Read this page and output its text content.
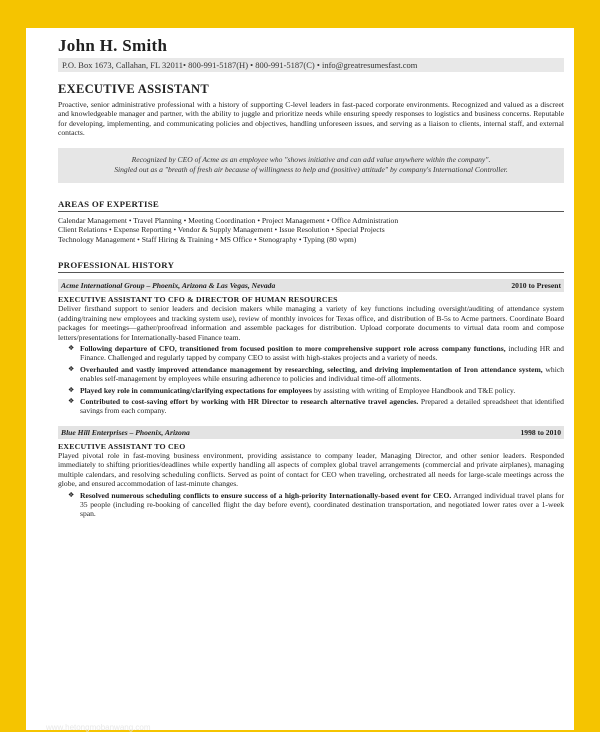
John H. Smith
P.O. Box 1673, Callahan, FL 32011• 800-991-5187(H) • 800-991-5187(C) • info@greatresumesfast.com
EXECUTIVE ASSISTANT

Proactive, senior administrative professional with a history of supporting C-level leaders in fast-paced corporate environments. Recognized and valued as a discreet and knowledgeable manager and partner, with the ability to juggle and prioritize needs while ensuring speedy responses to logistics and business concerns. Reputable for developing, implementing, and communicating policies and objectives, handling unforeseen issues, and serving as a liaison to clients, internal staff, and external contacts.

Recognized by CEO of Acme as an employee who "shows initiative and can add value anywhere within the company".
Singled out as a "breath of fresh air because of willingness to help and (positive) attitude" by company's International Controller.
AREAS OF EXPERTISE
Calendar Management • Travel Planning • Meeting Coordination • Project Management • Office Administration
Client Relations • Expense Reporting • Vendor & Supply Management • Issue Resolution • Special Projects
Technology Management • Staff Hiring & Training • MS Office • Stenography • Typing (80 wpm)
PROFESSIONAL HISTORY
Acme International Group – Phoenix, Arizona & Las Vegas, Nevada	2010 to Present
EXECUTIVE ASSISTANT TO CFO & DIRECTOR OF HUMAN RESOURCES

Deliver firsthand support to senior leaders and decision makers while managing a variety of key functions including oversight/auditing of attendance system (adding/training new employees and tracking system use), review of monthly invoices for Texas office, and distribution of B-5s to Acme partners. Coordinate Board packages for meetings—gather/proofread information and assemble packages for distribution. Upload corporate documents to virtual data room and compose letters/presentations for Internationally-based Finance team.

❖ Following departure of CFO, transitioned from focused position to more comprehensive support role across company functions, including HR and Finance. Challenged and regularly tapped by company CEO to assist with high-stakes projects and a variety of needs.
❖ Overhauled and vastly improved attendance management by researching, selecting, and driving implementation of Iron attendance system, which enables self-management by employees while ensuring adherence to policies and individual time-off allotments.
❖ Played key role in communicating/clarifying expectations for employees by assisting with writing of Employee Handbook and T&E policy.
❖ Contributed to cost-saving effort by working with HR Director to research alternative travel agencies. Prepared a detailed spreadsheet that identified savings from each company.
Blue Hill Enterprises – Phoenix, Arizona	1998 to 2010
EXECUTIVE ASSISTANT TO CEO

Played pivotal role in fast-moving business environment, providing assistance to company leader, Managing Director, and other senior leaders. Responded immediately to shifting priorities/deadlines while expertly handling all aspects of complex global travel arrangements (commercial and private airplanes), managing multiple calendars, and resolving scheduling conflicts. Served as point of contact for CEO when traveling, orchestrated all needs for large-scale meetings across the globe, and ensured accommodation of last-minute changes.

❖ Resolved numerous scheduling conflicts to ensure success of a high-priority Internationally-based event for CEO. Arranged individual travel plans for 35 people (including re-booking of cancelled flight the day before event), coordinated destination transportation, and negotiated lower rates over a 1-week span.
www.hetongmobanwang.com
